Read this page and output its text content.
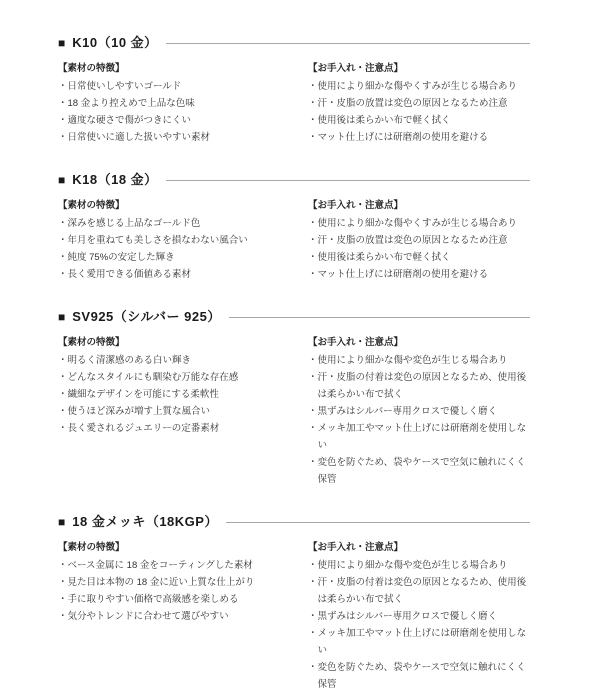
■ K10（10 金）
【素材の特徴】
・ 日常使いしやすいゴールド
・ 18 金より控えめで上品な色味
・ 適度な硬さで傷がつきにくい
・ 日常使いに適した扱いやすい素材
【お手入れ・注意点】
・ 使用により細かな傷やくすみが生じる場合あり
・ 汗・皮脂の放置は変色の原因となるため注意
・ 使用後は柔らかい布で軽く拭く
・ マット仕上げには研磨剤の使用を避ける
■ K18（18 金）
【素材の特徴】
・ 深みを感じる上品なゴールド色
・ 年月を重ねても美しさを損なわない風合い
・ 純度 75%の安定した輝き
・ 長く愛用できる価値ある素材
【お手入れ・注意点】
・ 使用により細かな傷やくすみが生じる場合あり
・ 汗・皮脂の放置は変色の原因となるため注意
・ 使用後は柔らかい布で軽く拭く
・ マット仕上げには研磨剤の使用を避ける
■ SV925（シルバー 925）
【素材の特徴】
・ 明るく清潔感のある白い輝き
・ どんなスタイルにも馴染む万能な存在感
・ 繊細なデザインを可能にする柔軟性
・ 使うほど深みが増す上質な風合い
・ 長く愛されるジュエリーの定番素材
【お手入れ・注意点】
・ 使用により細かな傷や変色が生じる場合あり
・ 汗・皮脂の付着は変色の原因となるため、使用後は柔らかい布で拭く
・ 黒ずみはシルバー専用クロスで優しく磨く
・ メッキ加工やマット仕上げには研磨剤を使用しない
・ 変色を防ぐため、袋やケースで空気に触れにくく保管
■ 18 金メッキ（18KGP）
【素材の特徴】
・ ベース金属に 18 金をコーティングした素材
・ 見た目は本物の 18 金に近い上質な仕上がり
・ 手に取りやすい価格で高級感を楽しめる
・ 気分やトレンドに合わせて選びやすい
【お手入れ・注意点】
・ 使用により細かな傷や変色が生じる場合あり
・ 汗・皮脂の付着は変色の原因となるため、使用後は柔らかい布で拭く
・ 黒ずみはシルバー専用クロスで優しく磨く
・ メッキ加工やマット仕上げには研磨剤を使用しない
・ 変色を防ぐため、袋やケースで空気に触れにくく保管
